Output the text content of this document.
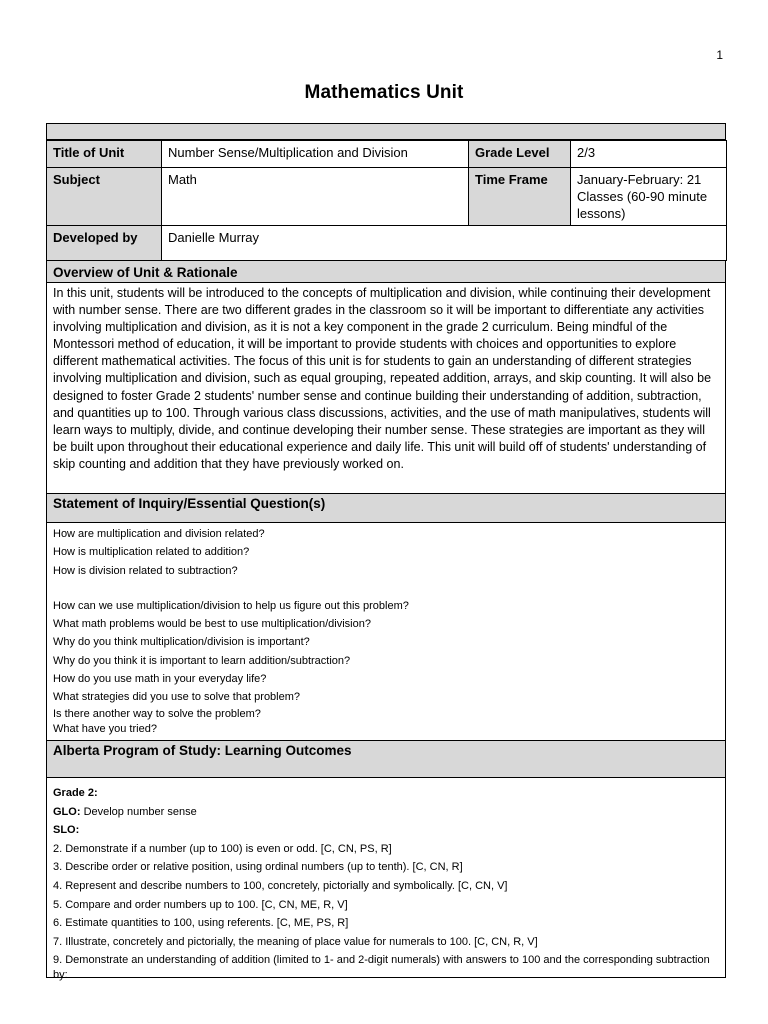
1
Mathematics Unit
Title of Unit	Number Sense/Multiplication and Division	Grade Level	2/3
Subject	Math	Time Frame	January-February: 21 Classes (60-90 minute lessons)
Developed by	Danielle Murray		
Overview of Unit & Rationale
In this unit, students will be introduced to the concepts of multiplication and division, while continuing their development with number sense. There are two different grades in the classroom so it will be important to differentiate any activities involving multiplication and division, as it is not a key component in the grade 2 curriculum. Being mindful of the Montessori method of education, it will be important to provide students with choices and opportunities to explore different mathematical activities. The focus of this unit is for students to gain an understanding of different strategies involving multiplication and division, such as equal grouping, repeated addition, arrays, and skip counting. It will also be designed to foster Grade 2 students' number sense and continue building their understanding of addition, subtraction, and quantities up to 100. Through various class discussions, activities, and the use of math manipulatives, students will learn ways to multiply, divide, and continue developing their number sense. These strategies are important as they will be built upon throughout their educational experience and daily life. This unit will build off of students' understanding of skip counting and addition that they have previously worked on.
Statement of Inquiry/Essential Question(s)
How are multiplication and division related?
How is multiplication related to addition?
How is division related to subtraction?
How can we use multiplication/division to help us figure out this problem?
What math problems would be best to use multiplication/division?
Why do you think multiplication/division is important?
Why do you think it is important to learn addition/subtraction?
How do you use math in your everyday life?
What strategies did you use to solve that problem?
Is there another way to solve the problem?
What have you tried?
Alberta Program of Study: Learning Outcomes
Grade 2:
GLO: Develop number sense
SLO:
2. Demonstrate if a number (up to 100) is even or odd. [C, CN, PS, R]
3. Describe order or relative position, using ordinal numbers (up to tenth). [C, CN, R]
4. Represent and describe numbers to 100, concretely, pictorially and symbolically. [C, CN, V]
5. Compare and order numbers up to 100. [C, CN, ME, R, V]
6. Estimate quantities to 100, using referents. [C, ME, PS, R]
7. Illustrate, concretely and pictorially, the meaning of place value for numerals to 100. [C, CN, R, V]
9. Demonstrate an understanding of addition (limited to 1- and 2-digit numerals) with answers to 100 and the corresponding subtraction by:
